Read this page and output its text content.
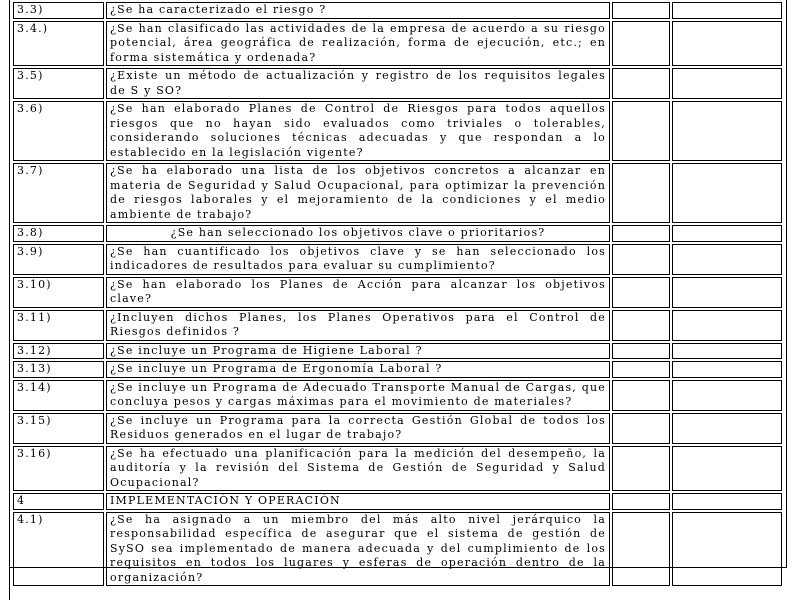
3.3)	¿Se ha caracterizado el riesgo ?		
3.4.)	¿Se han clasificado las actividades de la empresa de acuerdo a su riesgo potencial, área geográfica de realización, forma de ejecución, etc.; en forma sistemática y ordenada?		
3.5)	¿Existe un método de actualización y registro de los requisitos legales de S y SO?		
3.6)	¿Se han elaborado Planes de Control de Riesgos para todos aquellos riesgos que no hayan sido evaluados como triviales o tolerables, considerando soluciones técnicas adecuadas y que respondan a lo establecido en la legislación vigente?		
3.7)	¿Se ha elaborado una lista de los objetivos concretos a alcanzar en materia de Seguridad y Salud Ocupacional, para optimizar la prevención de riesgos laborales y el mejoramiento de la condiciones y el medio ambiente de trabajo?		
3.8)	¿Se han seleccionado los objetivos clave o prioritarios?		

3.9)	¿Se han cuantificado los objetivos clave y se han seleccionado los indicadores de resultados para evaluar su cumplimiento?		
3.10)	¿Se han elaborado los Planes de Acción para alcanzar los objetivos clave?		
3.11)	¿Incluyen dichos Planes, los Planes Operativos para el Control de Riesgos definidos ?		
3.12)	¿Se incluye un Programa de Higiene Laboral ?		
3.13)	¿Se incluye un Programa de Ergonomía Laboral ?		
3.14)	¿Se incluye un Programa de Adecuado Transporte Manual de Cargas, que concluya pesos y cargas máximas para el movimiento de materiales?		
3.15)	¿Se incluye un Programa para la correcta Gestión Global de todos los Residuos generados en el lugar de trabajo?		
3.16)	¿Se ha efectuado una planificación para la medición del desempeño, la auditoría y la revisión del Sistema de Gestión de Seguridad y Salud Ocupacional?		
4	IMPLEMENTACIÓN Y OPERACIÓN		
4.1)	¿Se ha asignado a un miembro del más alto nivel jerárquico la responsabilidad específica de asegurar que el sistema de gestión de SySO sea implementado de manera adecuada y del cumplimiento de los requisitos en todos los lugares y esferas de operación dentro de la organización?		
